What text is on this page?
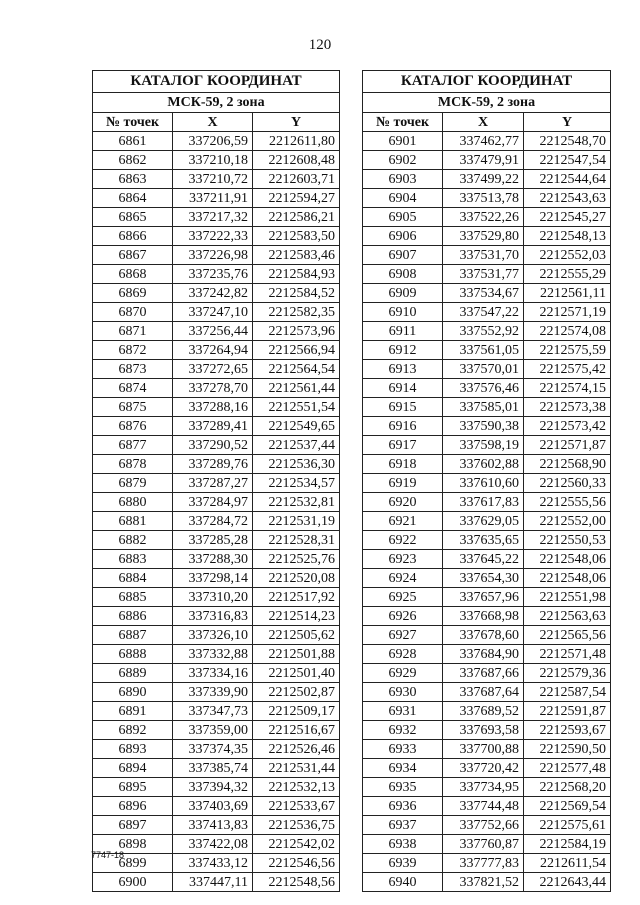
120
КАТАЛОГ КООРДИНАТ		
МСК-59, 2 зона		
№ точек	X	Y
6861	337206,59	2212611,80
6862	337210,18	2212608,48
6863	337210,72	2212603,71
6864	337211,91	2212594,27
6865	337217,32	2212586,21
6866	337222,33	2212583,50
6867	337226,98	2212583,46
6868	337235,76	2212584,93
6869	337242,82	2212584,52
6870	337247,10	2212582,35
6871	337256,44	2212573,96
6872	337264,94	2212566,94
6873	337272,65	2212564,54
6874	337278,70	2212561,44
6875	337288,16	2212551,54
6876	337289,41	2212549,65
6877	337290,52	2212537,44
6878	337289,76	2212536,30
6879	337287,27	2212534,57
6880	337284,97	2212532,81
6881	337284,72	2212531,19
6882	337285,28	2212528,31
6883	337288,30	2212525,76
6884	337298,14	2212520,08
6885	337310,20	2212517,92
6886	337316,83	2212514,23
6887	337326,10	2212505,62
6888	337332,88	2212501,88
6889	337334,16	2212501,40
6890	337339,90	2212502,87
6891	337347,73	2212509,17
6892	337359,00	2212516,67
6893	337374,35	2212526,46
6894	337385,74	2212531,44
6895	337394,32	2212532,13
6896	337403,69	2212533,67
6897	337413,83	2212536,75
6898	337422,08	2212542,02
6899	337433,12	2212546,56
6900	337447,11	2212548,56
КАТАЛОГ КООРДИНАТ		
МСК-59, 2 зона		
№ точек	X	Y
6901	337462,77	2212548,70
6902	337479,91	2212547,54
6903	337499,22	2212544,64
6904	337513,78	2212543,63
6905	337522,26	2212545,27
6906	337529,80	2212548,13
6907	337531,70	2212552,03
6908	337531,77	2212555,29
6909	337534,67	2212561,11
6910	337547,22	2212571,19
6911	337552,92	2212574,08
6912	337561,05	2212575,59
6913	337570,01	2212575,42
6914	337576,46	2212574,15
6915	337585,01	2212573,38
6916	337590,38	2212573,42
6917	337598,19	2212571,87
6918	337602,88	2212568,90
6919	337610,60	2212560,33
6920	337617,83	2212555,56
6921	337629,05	2212552,00
6922	337635,65	2212550,53
6923	337645,22	2212548,06
6924	337654,30	2212548,06
6925	337657,96	2212551,98
6926	337668,98	2212563,63
6927	337678,60	2212565,56
6928	337684,90	2212571,48
6929	337687,66	2212579,36
6930	337687,64	2212587,54
6931	337689,52	2212591,87
6932	337693,58	2212593,67
6933	337700,88	2212590,50
6934	337720,42	2212577,48
6935	337734,95	2212568,20
6936	337744,48	2212569,54
6937	337752,66	2212575,61
6938	337760,87	2212584,19
6939	337777,83	2212611,54
6940	337821,52	2212643,44
7747-18
